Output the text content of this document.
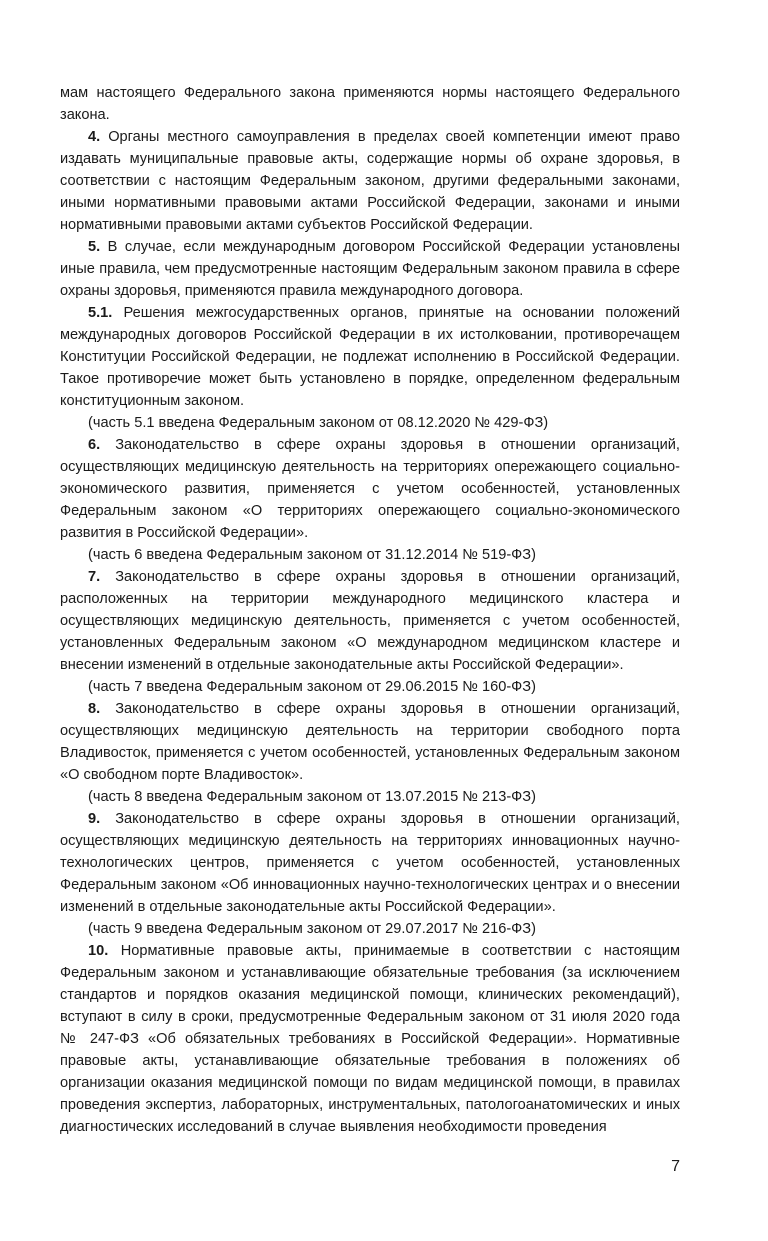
мам настоящего Федерального закона применяются нормы настоящего Федерального закона.

4. Органы местного самоуправления в пределах своей компетенции имеют право издавать муниципальные правовые акты, содержащие нормы об охране здоровья, в соответствии с настоящим Федеральным законом, другими федеральными законами, иными нормативными правовыми актами Российской Федерации, законами и иными нормативными правовыми актами субъектов Российской Федерации.

5. В случае, если международным договором Российской Федерации установлены иные правила, чем предусмотренные настоящим Федеральным законом правила в сфере охраны здоровья, применяются правила международного договора.

5.1. Решения межгосударственных органов, принятые на основании положений международных договоров Российской Федерации в их истолковании, противоречащем Конституции Российской Федерации, не подлежат исполнению в Российской Федерации. Такое противоречие может быть установлено в порядке, определенном федеральным конституционным законом.

(часть 5.1 введена Федеральным законом от 08.12.2020 № 429-ФЗ)

6. Законодательство в сфере охраны здоровья в отношении организаций, осуществляющих медицинскую деятельность на территориях опережающего социально-экономического развития, применяется с учетом особенностей, установленных Федеральным законом «О территориях опережающего социально-экономического развития в Российской Федерации».

(часть 6 введена Федеральным законом от 31.12.2014 № 519-ФЗ)

7. Законодательство в сфере охраны здоровья в отношении организаций, расположенных на территории международного медицинского кластера и осуществляющих медицинскую деятельность, применяется с учетом особенностей, установленных Федеральным законом «О международном медицинском кластере и внесении изменений в отдельные законодательные акты Российской Федерации».

(часть 7 введена Федеральным законом от 29.06.2015 № 160-ФЗ)

8. Законодательство в сфере охраны здоровья в отношении организаций, осуществляющих медицинскую деятельность на территории свободного порта Владивосток, применяется с учетом особенностей, установленных Федеральным законом «О свободном порте Владивосток».

(часть 8 введена Федеральным законом от 13.07.2015 № 213-ФЗ)

9. Законодательство в сфере охраны здоровья в отношении организаций, осуществляющих медицинскую деятельность на территориях инновационных научно-технологических центров, применяется с учетом особенностей, установленных Федеральным законом «Об инновационных научно-технологических центрах и о внесении изменений в отдельные законодательные акты Российской Федерации».

(часть 9 введена Федеральным законом от 29.07.2017 № 216-ФЗ)

10. Нормативные правовые акты, принимаемые в соответствии с настоящим Федеральным законом и устанавливающие обязательные требования (за исключением стандартов и порядков оказания медицинской помощи, клинических рекомендаций), вступают в силу в сроки, предусмотренные Федеральным законом от 31 июля 2020 года № 247-ФЗ «Об обязательных требованиях в Российской Федерации». Нормативные правовые акты, устанавливающие обязательные требования в положениях об организации оказания медицинской помощи по видам медицинской помощи, в правилах проведения экспертиз, лабораторных, инструментальных, патологоанатомических и иных диагностических исследований в случае выявления необходимости проведения

7
